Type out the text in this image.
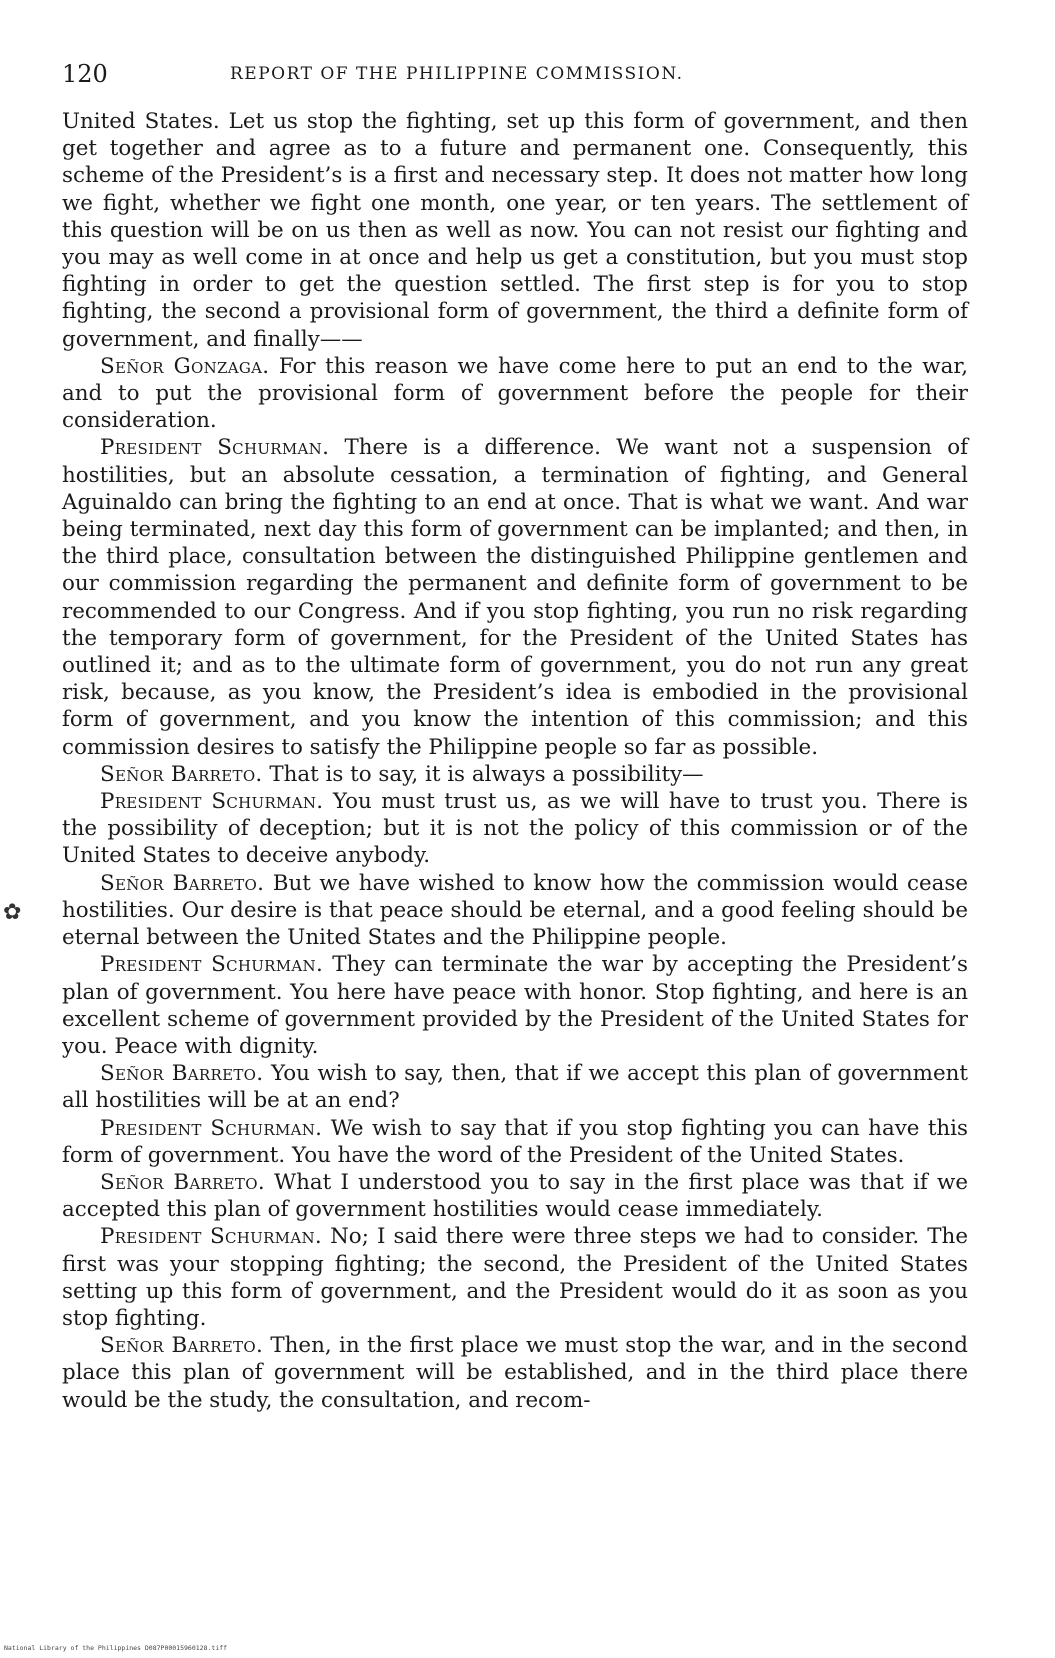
120	REPORT OF THE PHILIPPINE COMMISSION.

United States. Let us stop the fighting, set up this form of government, and then get together and agree as to a future and permanent one. Consequently, this scheme of the President’s is a first and necessary step. It does not matter how long we fight, whether we fight one month, one year, or ten years. The settlement of this question will be on us then as well as now. You can not resist our fighting and you may as well come in at once and help us get a constitution, but you must stop fighting in order to get the question settled. The first step is for you to stop fighting, the second a provisional form of government, the third a definite form of government, and finally——

Señor Gonzaga. For this reason we have come here to put an end to the war, and to put the provisional form of government before the people for their consideration.

President Schurman. There is a difference. We want not a suspension of hostilities, but an absolute cessation, a termination of fighting, and General Aguinaldo can bring the fighting to an end at once. That is what we want. And war being terminated, next day this form of government can be implanted; and then, in the third place, consultation between the distinguished Philippine gentlemen and our commission regarding the permanent and definite form of government to be recommended to our Congress. And if you stop fighting, you run no risk regarding the temporary form of government, for the President of the United States has outlined it; and as to the ultimate form of government, you do not run any great risk, because, as you know, the President’s idea is embodied in the provisional form of government, and you know the intention of this commission; and this commission desires to satisfy the Philippine people so far as possible.

Señor Barreto. That is to say, it is always a possibility—

President Schurman. You must trust us, as we will have to trust you. There is the possibility of deception; but it is not the policy of this commission or of the United States to deceive anybody.

Señor Barreto. But we have wished to know how the commission would cease hostilities. Our desire is that peace should be eternal, and a good feeling should be eternal between the United States and the Philippine people.

President Schurman. They can terminate the war by accepting the President’s plan of government. You here have peace with honor. Stop fighting, and here is an excellent scheme of government provided by the President of the United States for you. Peace with dignity.

Señor Barreto. You wish to say, then, that if we accept this plan of government all hostilities will be at an end?

President Schurman. We wish to say that if you stop fighting you can have this form of government. You have the word of the President of the United States.

Señor Barreto. What I understood you to say in the first place was that if we accepted this plan of government hostilities would cease immediately.

President Schurman. No; I said there were three steps we had to consider. The first was your stopping fighting; the second, the President of the United States setting up this form of government, and the President would do it as soon as you stop fighting.

Señor Barreto. Then, in the first place we must stop the war, and in the second place this plan of government will be established, and in the third place there would be the study, the consultation, and recom-

✿
National Library of the Philippines D087P00015960128.tiff
